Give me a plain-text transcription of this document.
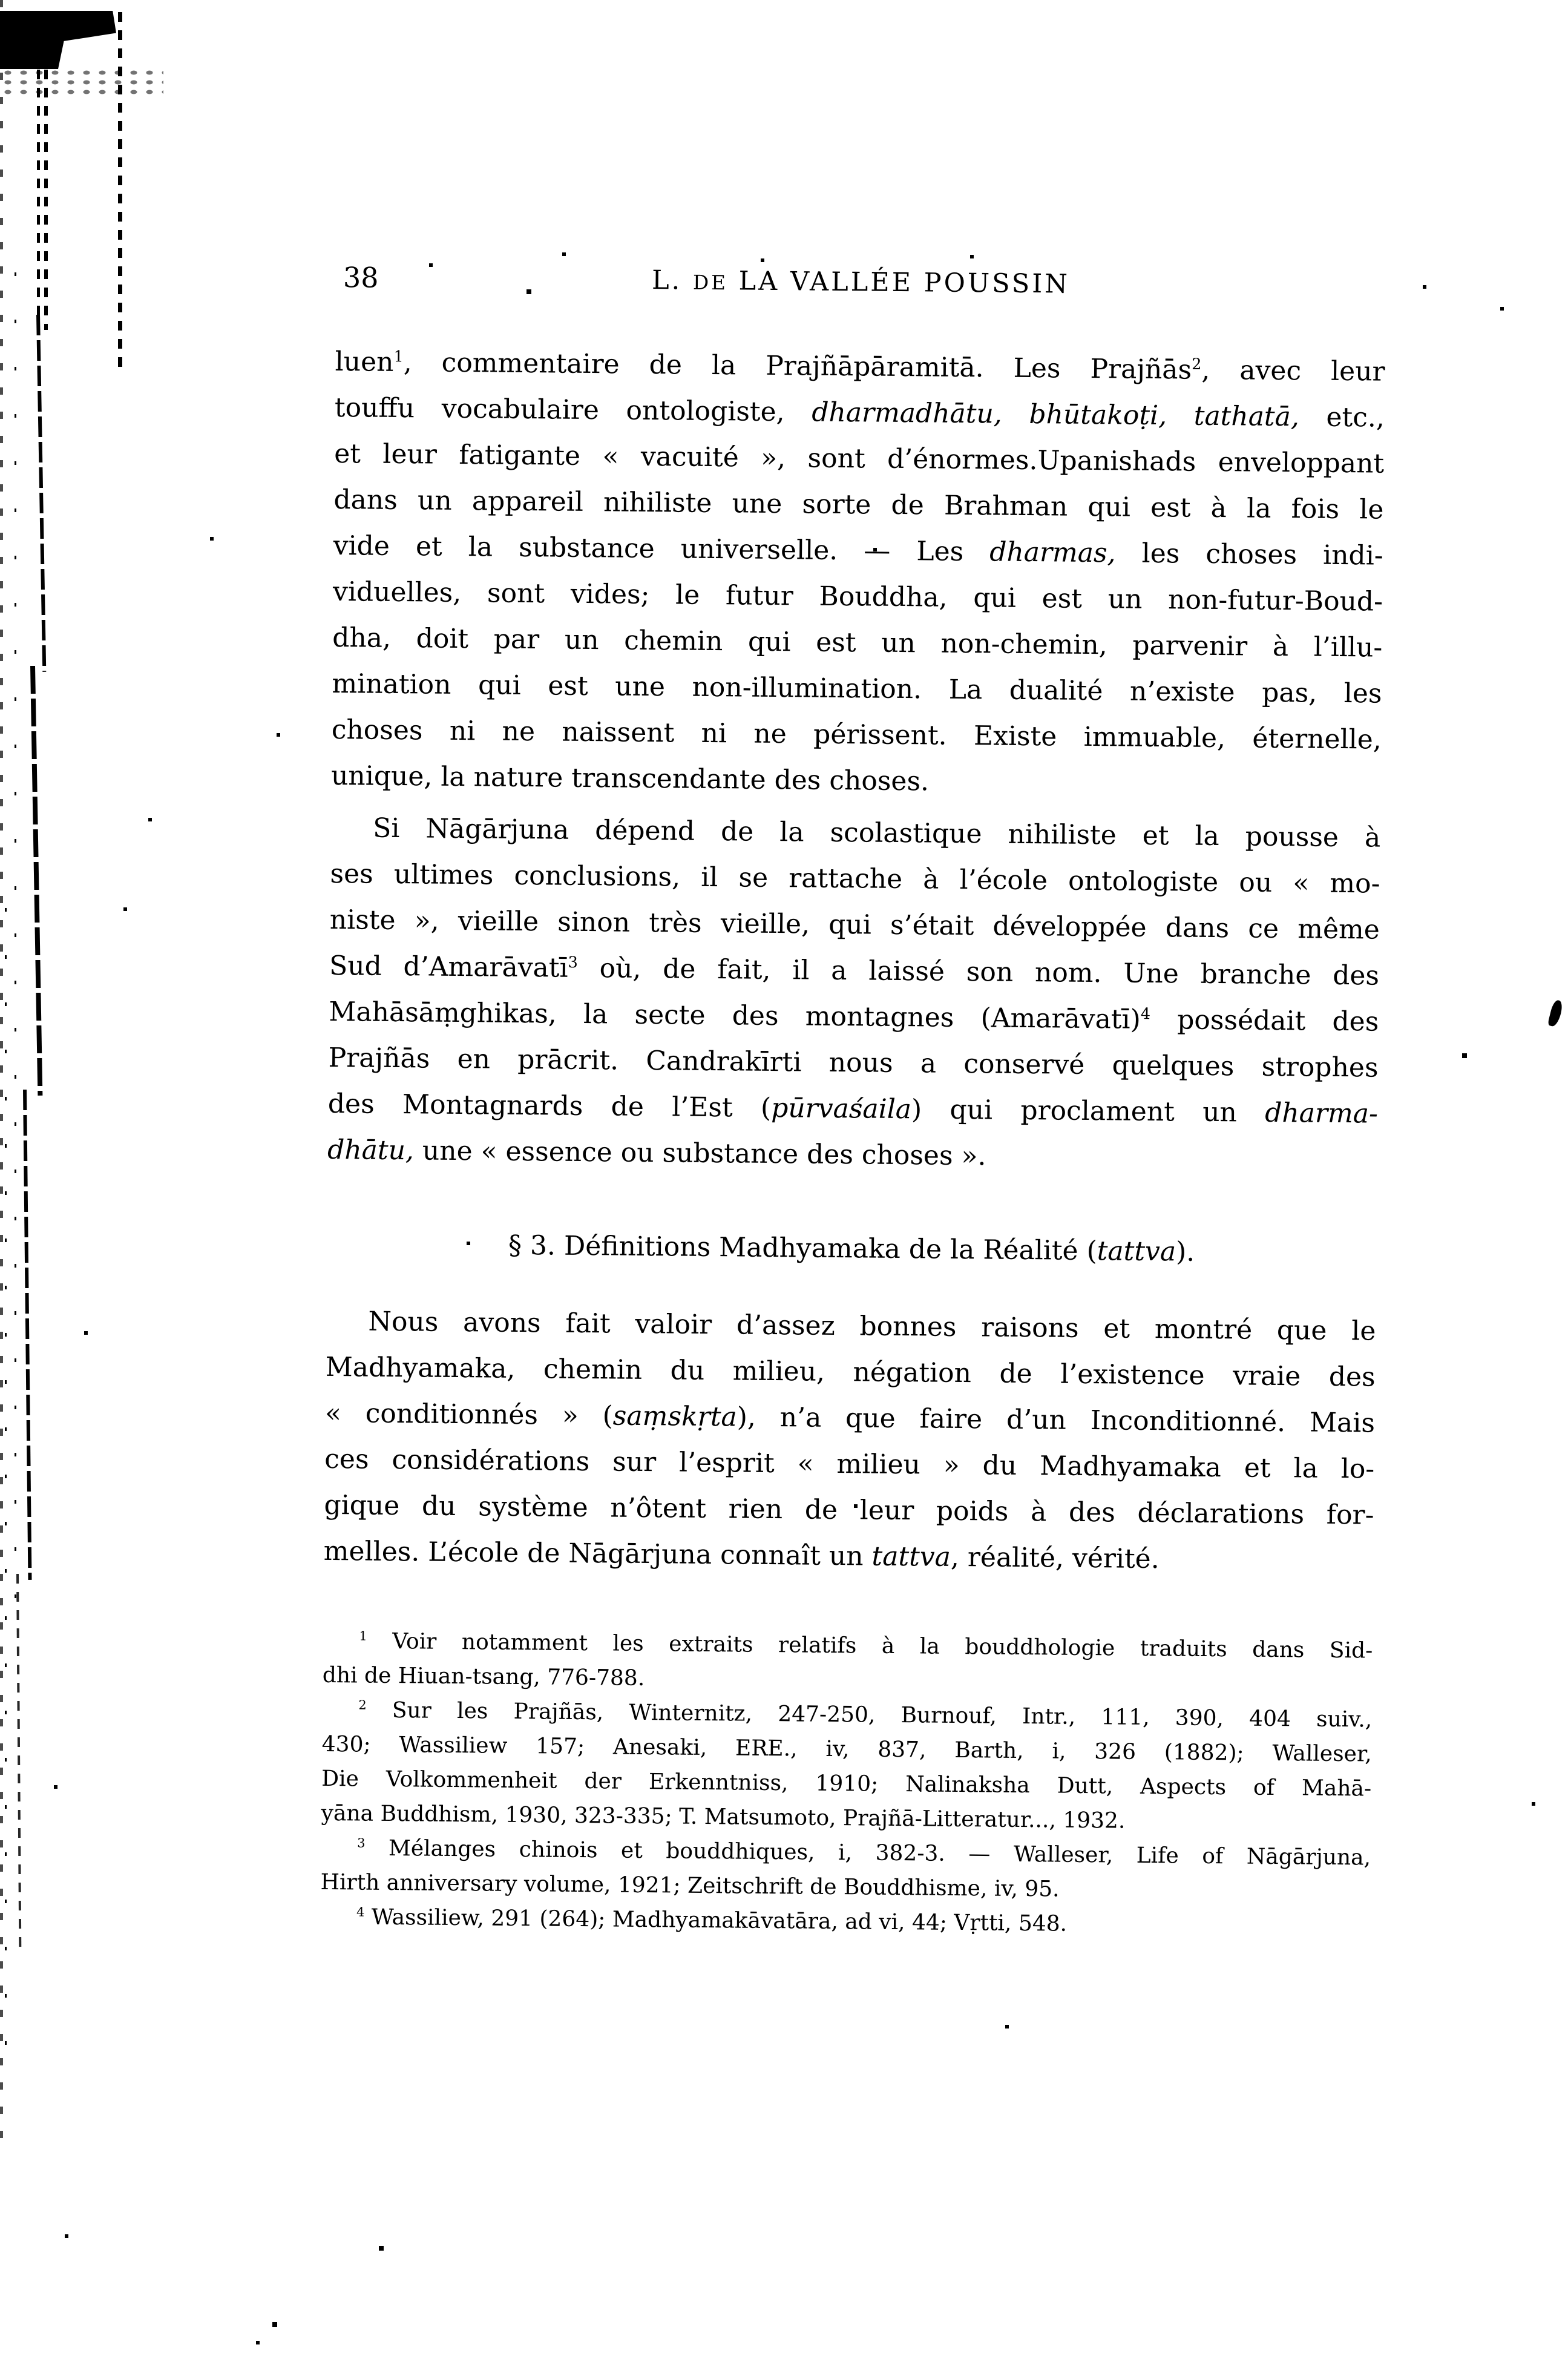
38	L. DE LA VALLÉE POUSSIN
luen$^1$, commentaire de la Prajñāpāramitā. Les Prajñās$^2$, avec leur
touffu vocabulaire ontologiste, dharmadhātu, bhūtakoṭi, tathatā, etc.,
et leur fatigante « vacuité », sont d’énormes.Upanishads enveloppant
dans un appareil nihiliste une sorte de Brahman qui est à la fois le
vide et la substance universelle. — Les dharmas, les choses indi-
viduelles, sont vides; le futur Bouddha, qui est un non-futur-Boud-
dha, doit par un chemin qui est un non-chemin, parvenir à l’illu-
mination qui est une non-illumination. La dualité n’existe pas, les
choses ni ne naissent ni ne périssent. Existe immuable, éternelle,
unique, la nature transcendante des choses.
Si Nāgārjuna dépend de la scolastique nihiliste et la pousse à
ses ultimes conclusions, il se rattache à l’école ontologiste ou « mo-
niste », vieille sinon très vieille, qui s’était développée dans ce même
Sud d’Amarāvatī$^3$ où, de fait, il a laissé son nom. Une branche des
Mahāsāṃghikas, la secte des montagnes (Amarāvatī)$^4$ possédait des
Prajñās en prācrit. Candrakīrti nous a conservé quelques strophes
des Montagnards de l’Est (pūrvaśaila) qui proclament un dharma-
dhātu, une « essence ou substance des choses ».
§ 3. Définitions Madhyamaka de la Réalité (tattva).
Nous avons fait valoir d’assez bonnes raisons et montré que le
Madhyamaka, chemin du milieu, négation de l’existence vraie des
« conditionnés » (saṃskṛta), n’a que faire d’un Inconditionné. Mais
ces considérations sur l’esprit « milieu » du Madhyamaka et la lo-
gique du système n’ôtent rien de leur poids à des déclarations for-
melles. L’école de Nāgārjuna connaît un tattva, réalité, vérité.
$^1$ Voir notamment les extraits relatifs à la bouddhologie traduits dans Sid-
dhi de Hiuan-tsang, 776-788.
$^2$ Sur les Prajñās, Winternitz, 247-250, Burnouf, Intr., 111, 390, 404 suiv.,
430; Wassiliew 157; Anesaki, ERE., iv, 837, Barth, i, 326 (1882); Walleser,
Die Volkommenheit der Erkenntniss, 1910; Nalinaksha Dutt, Aspects of Mahā-
yāna Buddhism, 1930, 323-335; T. Matsumoto, Prajñā-Litteratur..., 1932.
$^3$ Mélanges chinois et bouddhiques, i, 382-3. — Walleser, Life of Nāgārjuna,
Hirth anniversary volume, 1921; Zeitschrift de Bouddhisme, iv, 95.
$^4$ Wassiliew, 291 (264); Madhyamakāvatāra, ad vi, 44; Vṛtti, 548.
